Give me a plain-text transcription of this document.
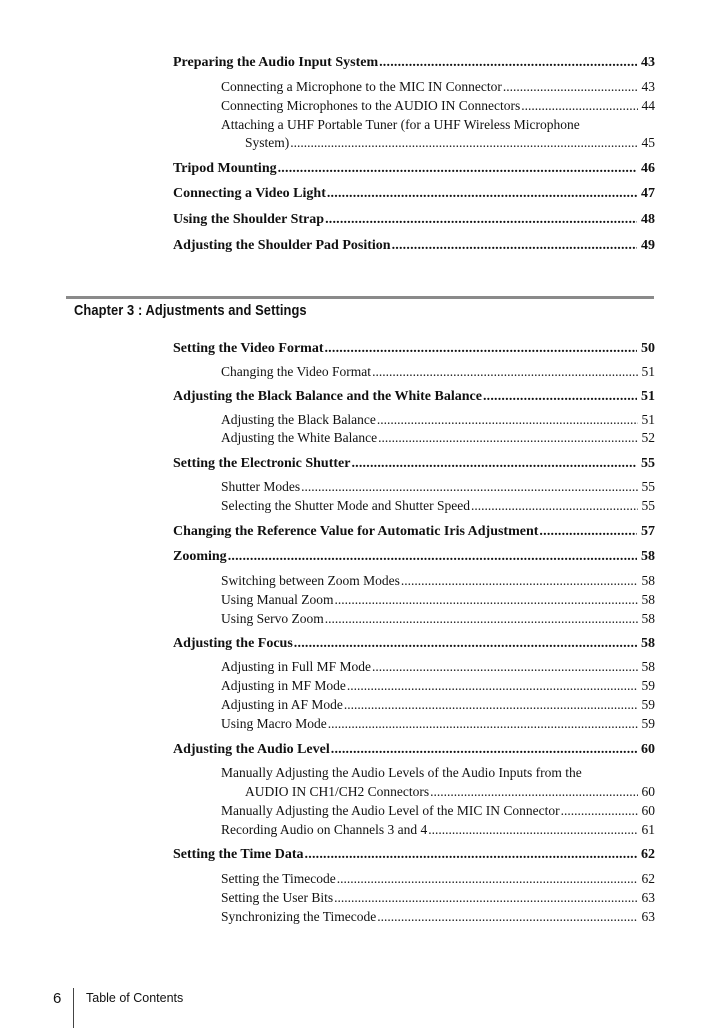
Preparing the Audio Input System .....	43
Connecting a Microphone to the MIC IN Connector .....	43
Connecting Microphones to the AUDIO IN Connectors .....	44
Attaching a UHF Portable Tuner (for a UHF Wireless Microphone
System) .....	45
Tripod Mounting .....	46
Connecting a Video Light .....	47
Using the Shoulder Strap .....	48
Adjusting the Shoulder Pad Position .....	49
Chapter 3 : Adjustments and Settings
Setting the Video Format .....	50
Changing the Video Format .....	51
Adjusting the Black Balance and the White Balance .....	51
Adjusting the Black Balance .....	51
Adjusting the White Balance .....	52
Setting the Electronic Shutter .....	55
Shutter Modes .....	55
Selecting the Shutter Mode and Shutter Speed .....	55
Changing the Reference Value for Automatic Iris Adjustment .....	57
Zooming .....	58
Switching between Zoom Modes .....	58
Using Manual Zoom .....	58
Using Servo Zoom .....	58
Adjusting the Focus .....	58
Adjusting in Full MF Mode .....	58
Adjusting in MF Mode .....	59
Adjusting in AF Mode .....	59
Using Macro Mode .....	59
Adjusting the Audio Level .....	60
Manually Adjusting the Audio Levels of the Audio Inputs from the
AUDIO IN CH1/CH2 Connectors .....	60
Manually Adjusting the Audio Level of the MIC IN Connector .....	60
Recording Audio on Channels 3 and 4 .....	61
Setting the Time Data .....	62
Setting the Timecode .....	62
Setting the User Bits .....	63
Synchronizing the Timecode .....	63
6 Table of Contents
